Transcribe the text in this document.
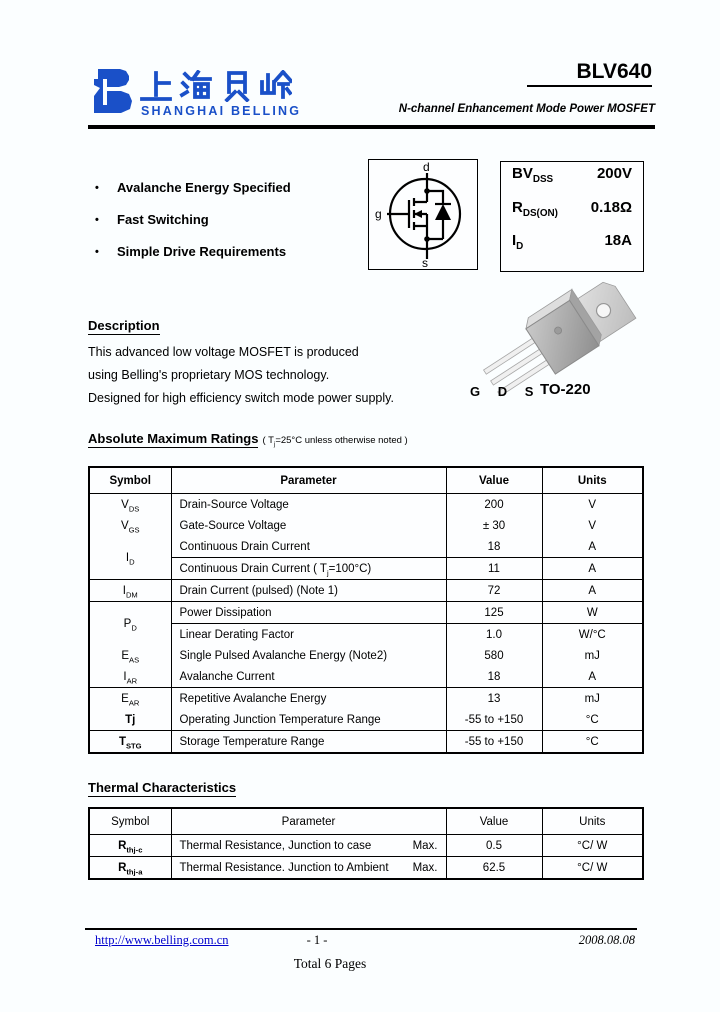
SHANGHAI BELLING
BLV640
N-channel Enhancement Mode Power MOSFET
•	Avalanche Energy Specified
•	Fast Switching
•	Simple Drive Requirements
d
g
s
$BV_{DSS}$	200V
$R_{DS(ON)}$ 0.18Ω
$I_D$	18A
Description
This advanced low voltage MOSFET is produced
using Belling's proprietary MOS technology.
Designed for high efficiency switch mode power supply.	G D S TO-220
Absolute Maximum Ratings ( $T_j=25^\circ C$ unless otherwise noted )
Symbol	Parameter	Value	Units
$V_{DS}$	Drain-Source Voltage	200	V
$V_{GS}$	Gate-Source Voltage	± 30	V
$I_D$	Continuous Drain Current	18	A
	Continuous Drain Current ( $T_j=100^\circ C$)	11	A
$I_{DM}$	Drain Current (pulsed) (Note 1)	72	A
$P_D$	Power Dissipation	125	W
	Linear Derating Factor	1.0	W/°C
$E_{AS}$	Single Pulsed Avalanche Energy (Note2)	580	mJ
$I_{AR}$	Avalanche Current	18	A
$E_{AR}$	Repetitive Avalanche Energy	13	mJ
Tj	Operating Junction Temperature Range	-55 to +150	°C
$T_{STG}$	Storage Temperature Range	-55 to +150	°C
Thermal Characteristics
Symbol	Parameter	Value	Units
$R_{thj-c}$	Thermal Resistance, Junction to case Max.	0.5	°C/ W
$R_{thj-a}$	Thermal Resistance. Junction to Ambient Max.	62.5	°C/ W
http://www.belling.com.cn	- 1 -	2008.08.08
Total 6 Pages
